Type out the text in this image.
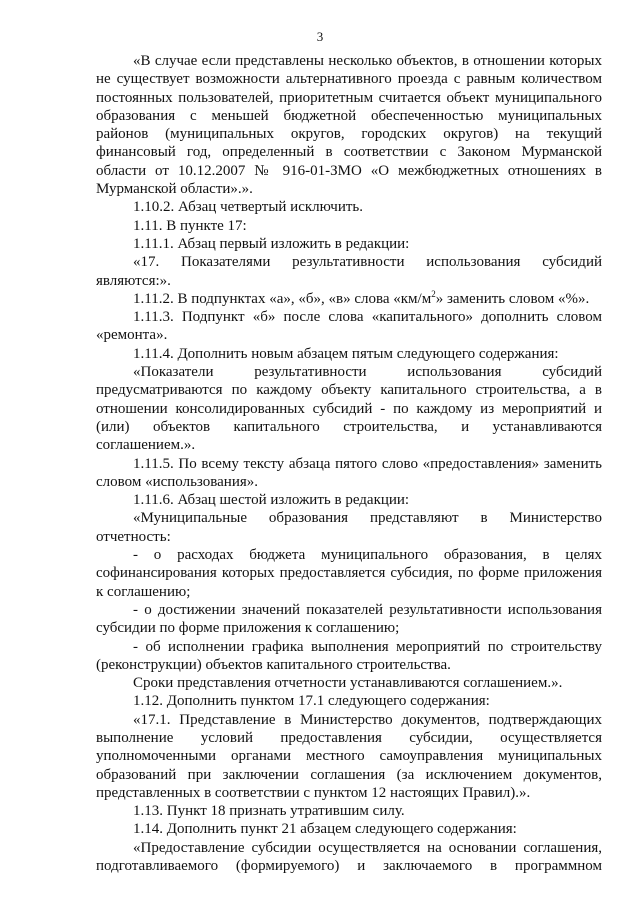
3

«В случае если представлены несколько объектов, в отношении которых не существует возможности альтернативного проезда с равным количеством постоянных пользователей, приоритетным считается объект муниципального образования с меньшей бюджетной обеспеченностью муниципальных районов (муниципальных округов, городских округов) на текущий финансовый год, определенный в соответствии с Законом Мурманской области от 10.12.2007 № 916-01-ЗМО «О межбюджетных отношениях в Мурманской области».».

1.10.2. Абзац четвертый исключить.

1.11. В пункте 17:

1.11.1. Абзац первый изложить в редакции:

«17. Показателями результативности использования субсидий являются:».

1.11.2. В подпунктах «а», «б», «в» слова «$км/м^2$» заменить словом «%».

1.11.3. Подпункт «б» после слова «капитального» дополнить словом «ремонта».

1.11.4. Дополнить новым абзацем пятым следующего содержания:

«Показатели результативности использования субсидий предусматриваются по каждому объекту капитального строительства, а в отношении консолидированных субсидий - по каждому из мероприятий и (или) объектов капитального строительства, и устанавливаются соглашением.».

1.11.5. По всему тексту абзаца пятого слово «предоставления» заменить словом «использования».

1.11.6. Абзац шестой изложить в редакции:

«Муниципальные образования представляют в Министерство отчетность:

- о расходах бюджета муниципального образования, в целях софинансирования которых предоставляется субсидия, по форме приложения к соглашению;

- о достижении значений показателей результативности использования субсидии по форме приложения к соглашению;

- об исполнении графика выполнения мероприятий по строительству (реконструкции) объектов капитального строительства.

Сроки представления отчетности устанавливаются соглашением.».

1.12. Дополнить пунктом 17.1 следующего содержания:

«17.1. Представление в Министерство документов, подтверждающих выполнение условий предоставления субсидии, осуществляется уполномоченными органами местного самоуправления муниципальных образований при заключении соглашения (за исключением документов, представленных в соответствии с пунктом 12 настоящих Правил).».

1.13. Пункт 18 признать утратившим силу.

1.14. Дополнить пункт 21 абзацем следующего содержания:

«Предоставление субсидии осуществляется на основании соглашения, подготавливаемого (формируемого) и заключаемого в программном
